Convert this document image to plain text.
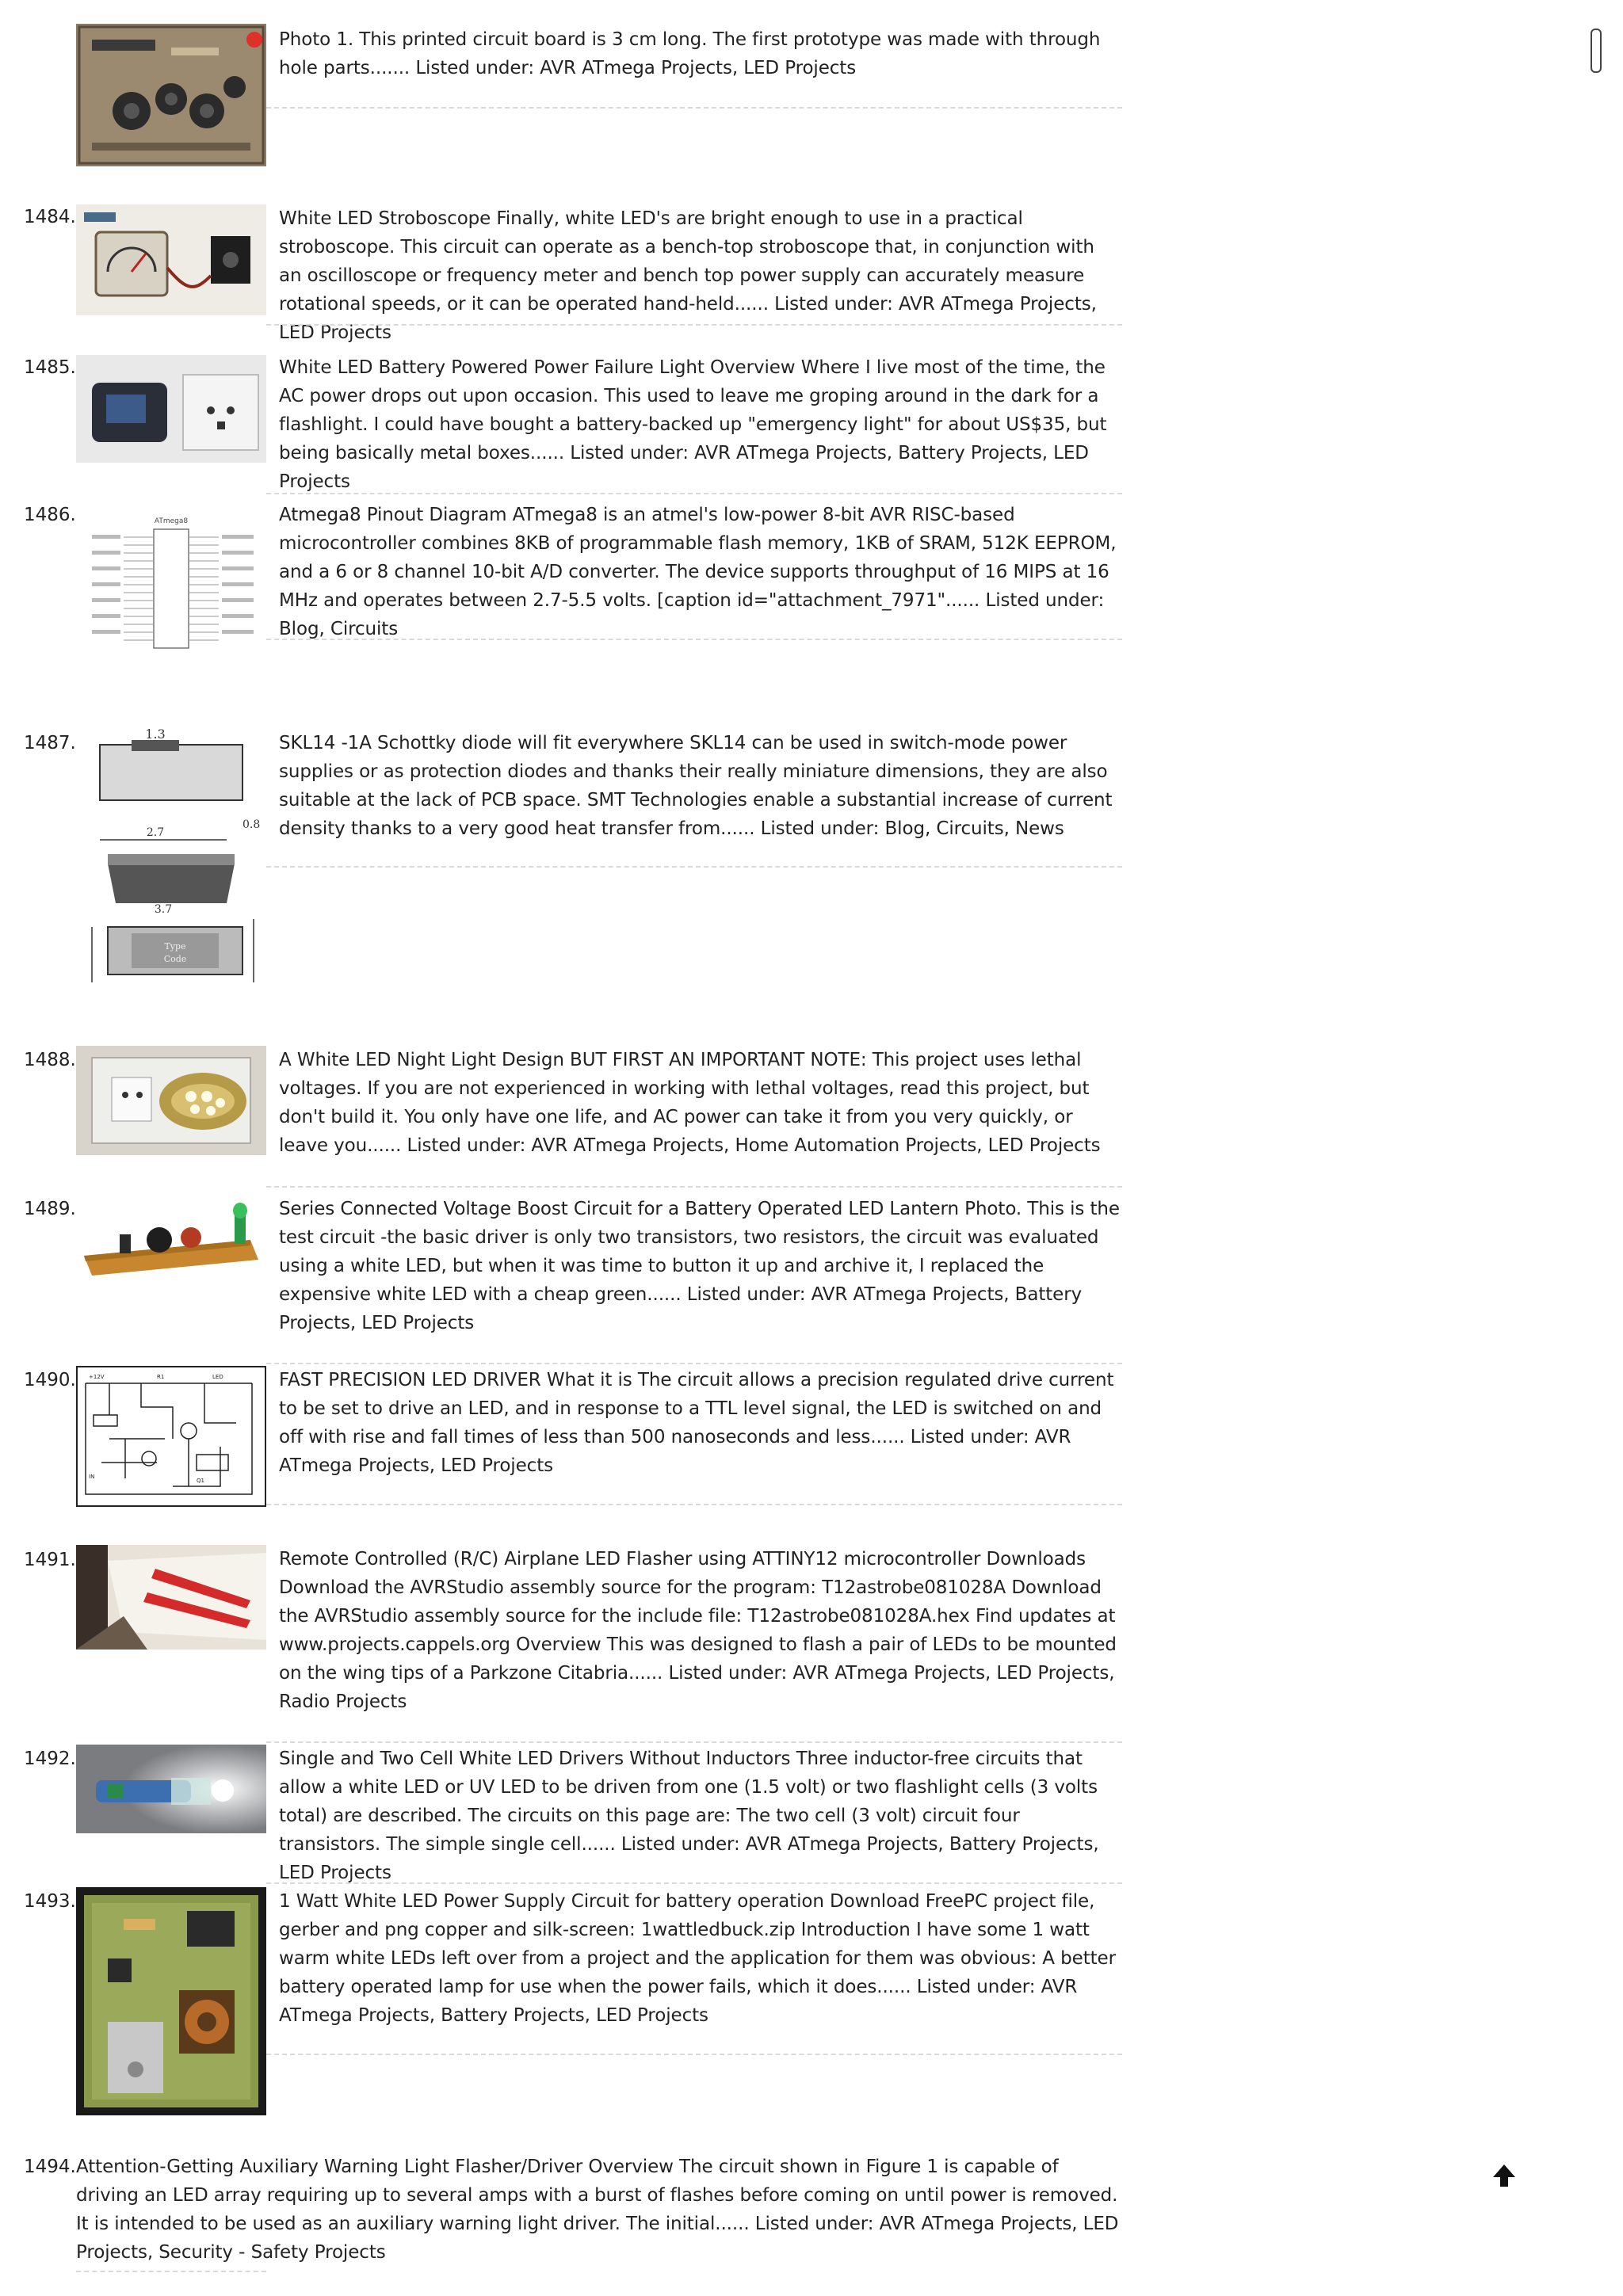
Photo 1. This printed circuit board is 3 cm long. The first prototype was made with through hole parts....... Listed under: AVR ATmega Projects, LED Projects

1484.	White LED Stroboscope Finally, white LED's are bright enough to use in a practical stroboscope. This circuit can operate as a bench-top stroboscope that, in conjunction with an oscilloscope or frequency meter and bench top power supply can accurately measure rotational speeds, or it can be operated hand-held...... Listed under: AVR ATmega Projects, LED Projects

1485.	White LED Battery Powered Power Failure Light Overview Where I live most of the time, the AC power drops out upon occasion. This used to leave me groping around in the dark for a flashlight. I could have bought a battery-backed up "emergency light" for about US$35, but being basically metal boxes...... Listed under: AVR ATmega Projects, Battery Projects, LED Projects

1486.	ATmega8	Atmega8 Pinout Diagram ATmega8 is an atmel's low-power 8-bit AVR RISC-based microcontroller combines 8KB of programmable flash memory, 1KB of SRAM, 512K EEPROM, and a 6 or 8 channel 10-bit A/D converter. The device supports throughput of 16 MIPS at 16 MHz and operates between 2.7-5.5 volts. [caption id="attachment_7971"...... Listed under: Blog, Circuits

1487.	1.3
0.8
2.7
3.7
Type
Code

SKL14 -1A Schottky diode will fit everywhere SKL14 can be used in switch-mode power supplies or as protection diodes and thanks their really miniature dimensions, they are also suitable at the lack of PCB space. SMT Technologies enable a substantial increase of current density thanks to a very good heat transfer from...... Listed under: Blog, Circuits, News

1488.	A White LED Night Light Design BUT FIRST AN IMPORTANT NOTE: This project uses lethal voltages. If you are not experienced in working with lethal voltages, read this project, but don't build it. You only have one life, and AC power can take it from you very quickly, or leave you...... Listed under: AVR ATmega Projects, Home Automation Projects, LED Projects

1489.	Series Connected Voltage Boost Circuit for a Battery Operated LED Lantern Photo. This is the test circuit -the basic driver is only two transistors, two resistors, the circuit was evaluated using a white LED, but when it was time to button it up and archive it, I replaced the expensive white LED with a cheap green...... Listed under: AVR ATmega Projects, Battery Projects, LED Projects

1490. +12V	R1	LED
IN
Q1

FAST PRECISION LED DRIVER What it is The circuit allows a precision regulated drive current to be set to drive an LED, and in response to a TTL level signal, the LED is switched on and off with rise and fall times of less than 500 nanoseconds and less...... Listed under: AVR ATmega Projects, LED Projects

1491.	Remote Controlled (R/C) Airplane LED Flasher using ATTINY12 microcontroller Downloads Download the AVRStudio assembly source for the program: T12astrobe081028A Download the AVRStudio assembly source for the include file: T12astrobe081028A.hex Find updates at www.projects.cappels.org Overview This was designed to flash a pair of LEDs to be mounted on the wing tips of a Parkzone Citabria...... Listed under: AVR ATmega Projects, LED Projects, Radio Projects

1492.	Single and Two Cell White LED Drivers Without Inductors Three inductor-free circuits that allow a white LED or UV LED to be driven from one (1.5 volt) or two flashlight cells (3 volts total) are described. The circuits on this page are: The two cell (3 volt) circuit four transistors. The simple single cell...... Listed under: AVR ATmega Projects, Battery Projects, LED Projects

1493.	1 Watt White LED Power Supply Circuit for battery operation Download FreePC project file, gerber and png copper and silk-screen: 1wattledbuck.zip Introduction I have some 1 watt warm white LEDs left over from a project and the application for them was obvious: A better battery operated lamp for use when the power fails, which it does...... Listed under: AVR ATmega Projects, Battery Projects, LED Projects

1494. Attention-Getting Auxiliary Warning Light Flasher/Driver Overview The circuit shown in Figure 1 is capable of driving an LED array requiring up to several amps with a burst of flashes before coming on until power is removed. It is intended to be used as an auxiliary warning light driver. The initial...... Listed under: AVR ATmega Projects, LED Projects, Security - Safety Projects
